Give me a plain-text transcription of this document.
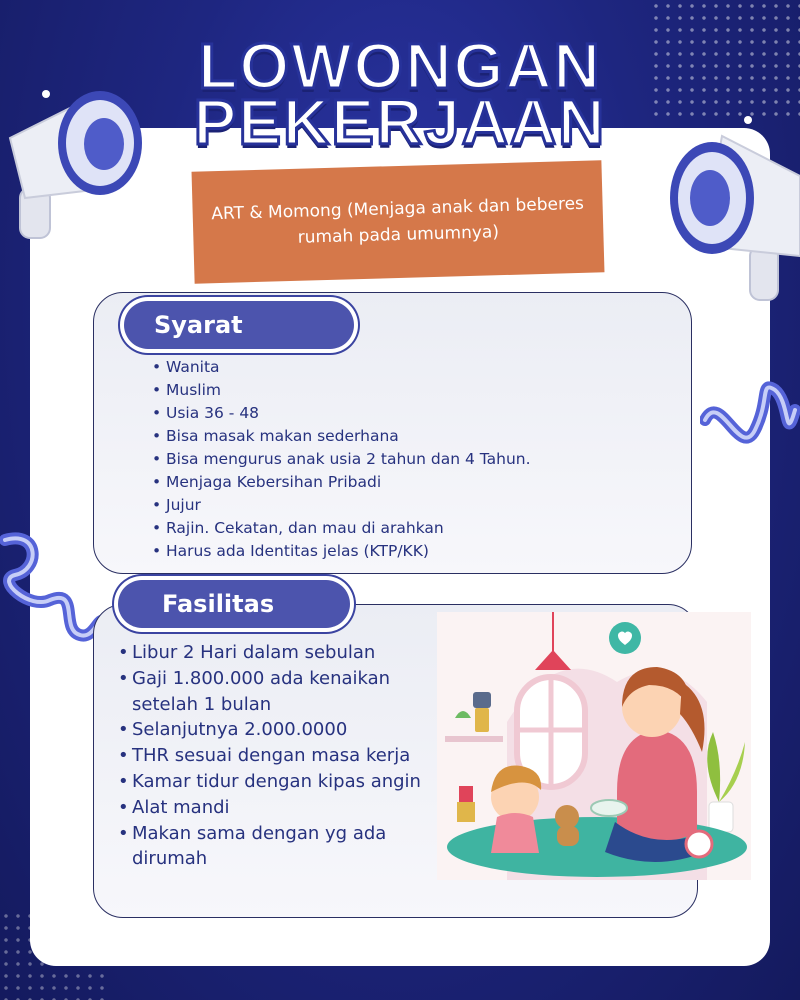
LOWONGAN
PEKERJAAN
ART & Momong (Menjaga anak dan beberes rumah pada umumnya)
Syarat
• Wanita
• Muslim
• Usia 36 - 48
• Bisa masak makan sederhana
• Bisa mengurus anak usia 2 tahun dan 4 Tahun.
• Menjaga Kebersihan Pribadi
• Jujur
• Rajin. Cekatan, dan mau di arahkan
• Harus ada Identitas jelas (KTP/KK)
Fasilitas
• Libur 2 Hari dalam sebulan
• Gaji 1.800.000 ada kenaikan setelah 1 bulan
• Selanjutnya 2.000.0000
• THR sesuai dengan masa kerja
• Kamar tidur dengan kipas angin
• Alat mandi
• Makan sama dengan yg ada dirumah
